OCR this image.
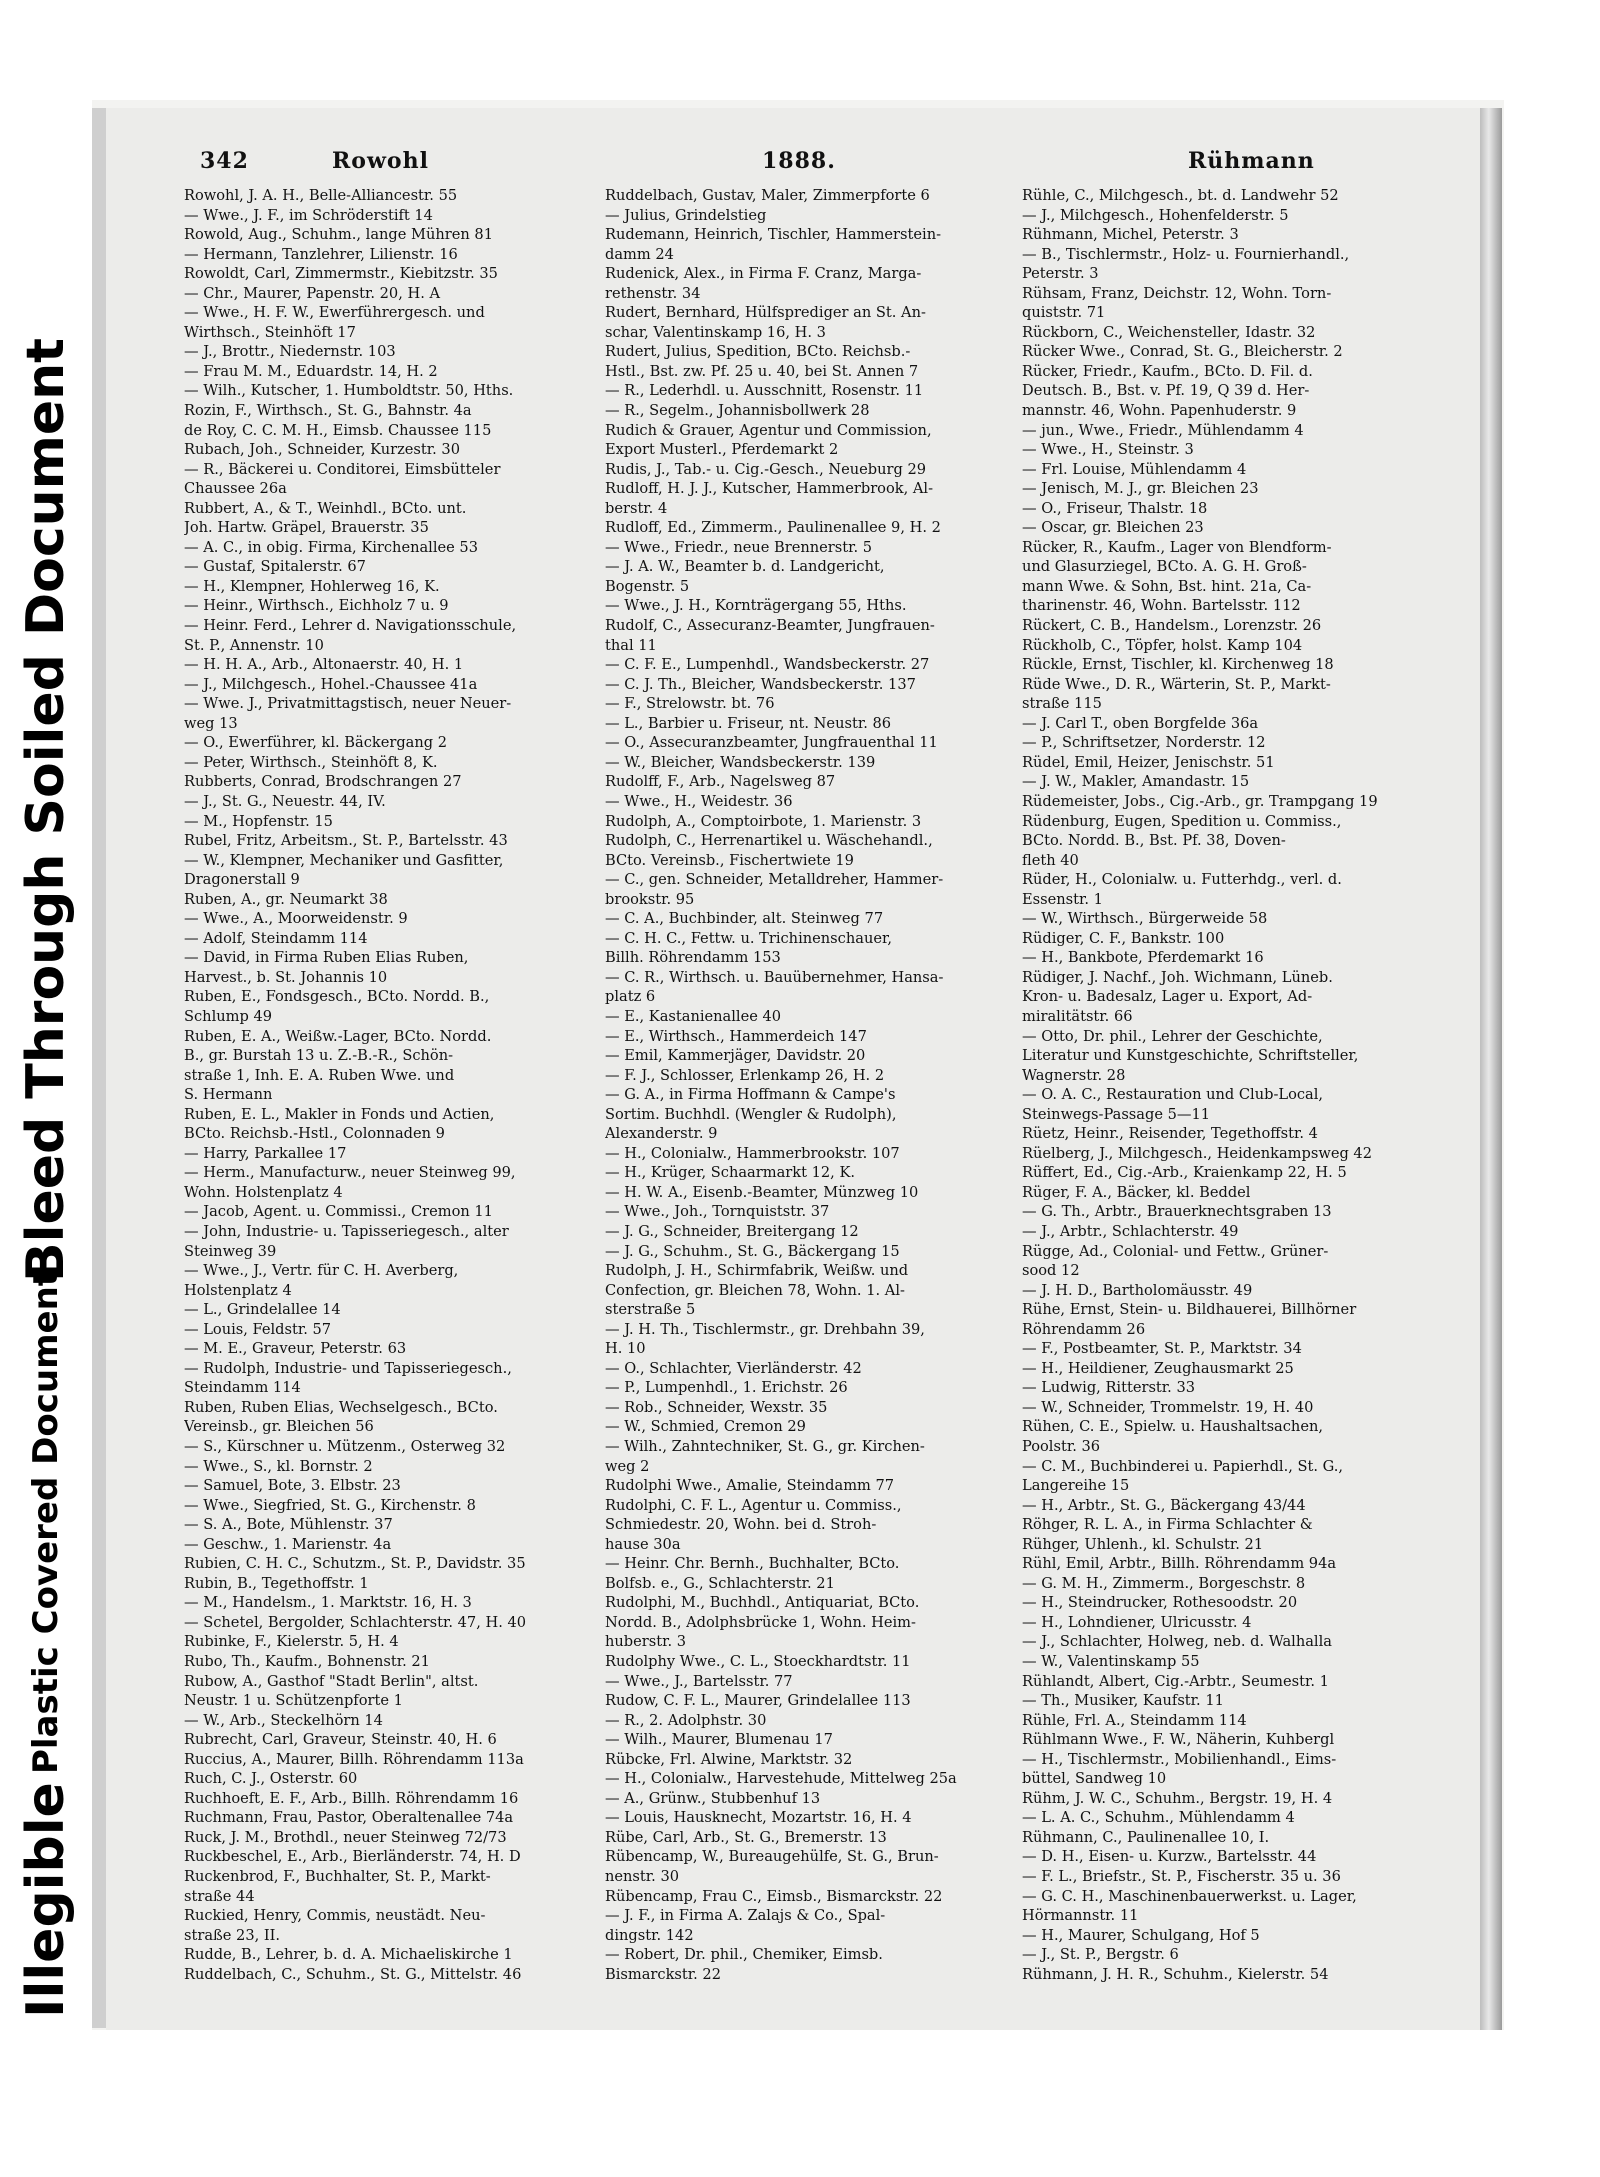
Illegible
Plastic Covered Document
Bleed Through Soiled Document
342	Rowohl	1888.	Rühmann
Rowohl, J. A. H., Belle-Alliancestr. 55
— Wwe., J. F., im Schröderstift 14
Rowold, Aug., Schuhm., lange Mühren 81
— Hermann, Tanzlehrer, Lilienstr. 16
Rowoldt, Carl, Zimmermstr., Kiebitzstr. 35
— Chr., Maurer, Papenstr. 20, H. A
— Wwe., H. F. W., Ewerführergesch. und
Wirthsch., Steinhöft 17
— J., Brottr., Niedernstr. 103
— Frau M. M., Eduardstr. 14, H. 2
— Wilh., Kutscher, 1. Humboldtstr. 50, Hths.
Rozin, F., Wirthsch., St. G., Bahnstr. 4a
de Roy, C. C. M. H., Eimsb. Chaussee 115
Rubach, Joh., Schneider, Kurzestr. 30
— R., Bäckerei u. Conditorei, Eimsbütteler
Chaussee 26a
Rubbert, A., & T., Weinhdl., BCto. unt.
Joh. Hartw. Gräpel, Brauerstr. 35
— A. C., in obig. Firma, Kirchenallee 53
— Gustaf, Spitalerstr. 67
— H., Klempner, Hohlerweg 16, K.
— Heinr., Wirthsch., Eichholz 7 u. 9
— Heinr. Ferd., Lehrer d. Navigationsschule,
St. P., Annenstr. 10
— H. H. A., Arb., Altonaerstr. 40, H. 1
— J., Milchgesch., Hohel.-Chaussee 41a
— Wwe. J., Privatmittagstisch, neuer Neuer-
weg 13
— O., Ewerführer, kl. Bäckergang 2
— Peter, Wirthsch., Steinhöft 8, K.
Rubberts, Conrad, Brodschrangen 27
— J., St. G., Neuestr. 44, IV.
— M., Hopfenstr. 15
Rubel, Fritz, Arbeitsm., St. P., Bartelsstr. 43
— W., Klempner, Mechaniker und Gasfitter,
Dragonerstall 9
Ruben, A., gr. Neumarkt 38
— Wwe., A., Moorweidenstr. 9
— Adolf, Steindamm 114
— David, in Firma Ruben Elias Ruben,
Harvest., b. St. Johannis 10
Ruben, E., Fondsgesch., BCto. Nordd. B.,
Schlump 49
Ruben, E. A., Weißw.-Lager, BCto. Nordd.
B., gr. Burstah 13 u. Z.-B.-R., Schön-
straße 1, Inh. E. A. Ruben Wwe. und
S. Hermann
Ruben, E. L., Makler in Fonds und Actien,
BCto. Reichsb.-Hstl., Colonnaden 9
— Harry, Parkallee 17
— Herm., Manufacturw., neuer Steinweg 99,
Wohn. Holstenplatz 4
— Jacob, Agent. u. Commissi., Cremon 11
— John, Industrie- u. Tapisseriegesch., alter
Steinweg 39
— Wwe., J., Vertr. für C. H. Averberg,
Holstenplatz 4
— L., Grindelallee 14
— Louis, Feldstr. 57
— M. E., Graveur, Peterstr. 63
— Rudolph, Industrie- und Tapisseriegesch.,
Steindamm 114
Ruben, Ruben Elias, Wechselgesch., BCto.
Vereinsb., gr. Bleichen 56
— S., Kürschner u. Mützenm., Osterweg 32
— Wwe., S., kl. Bornstr. 2
— Samuel, Bote, 3. Elbstr. 23
— Wwe., Siegfried, St. G., Kirchenstr. 8
— S. A., Bote, Mühlenstr. 37
— Geschw., 1. Marienstr. 4a
Rubien, C. H. C., Schutzm., St. P., Davidstr. 35
Rubin, B., Tegethoffstr. 1
— M., Handelsm., 1. Marktstr. 16, H. 3
— Schetel, Bergolder, Schlachterstr. 47, H. 40
Rubinke, F., Kielerstr. 5, H. 4
Rubo, Th., Kaufm., Bohnenstr. 21
Rubow, A., Gasthof "Stadt Berlin", altst.
Neustr. 1 u. Schützenpforte 1
— W., Arb., Steckelhörn 14
Rubrecht, Carl, Graveur, Steinstr. 40, H. 6
Ruccius, A., Maurer, Billh. Röhrendamm 113a
Ruch, C. J., Osterstr. 60
Ruchhoeft, E. F., Arb., Billh. Röhrendamm 16
Ruchmann, Frau, Pastor, Oberaltenallee 74a
Ruck, J. M., Brothdl., neuer Steinweg 72/73
Ruckbeschel, E., Arb., Bierländerstr. 74, H. D
Ruckenbrod, F., Buchhalter, St. P., Markt-
straße 44
Ruckied, Henry, Commis, neustädt. Neu-
straße 23, II.
Rudde, B., Lehrer, b. d. A. Michaeliskirche 1
Ruddelbach, C., Schuhm., St. G., Mittelstr. 46
Ruddelbach, Gustav, Maler, Zimmerpforte 6
— Julius, Grindelstieg
Rudemann, Heinrich, Tischler, Hammerstein-
damm 24
Rudenick, Alex., in Firma F. Cranz, Marga-
rethenstr. 34
Rudert, Bernhard, Hülfsprediger an St. An-
schar, Valentinskamp 16, H. 3
Rudert, Julius, Spedition, BCto. Reichsb.-
Hstl., Bst. zw. Pf. 25 u. 40, bei St. Annen 7
— R., Lederhdl. u. Ausschnitt, Rosenstr. 11
— R., Segelm., Johannisbollwerk 28
Rudich & Grauer, Agentur und Commission,
Export Musterl., Pferdemarkt 2
Rudis, J., Tab.- u. Cig.-Gesch., Neueburg 29
Rudloff, H. J. J., Kutscher, Hammerbrook, Al-
berstr. 4
Rudloff, Ed., Zimmerm., Paulinenallee 9, H. 2
— Wwe., Friedr., neue Brennerstr. 5
— J. A. W., Beamter b. d. Landgericht,
Bogenstr. 5
— Wwe., J. H., Kornträgergang 55, Hths.
Rudolf, C., Assecuranz-Beamter, Jungfrauen-
thal 11
— C. F. E., Lumpenhdl., Wandsbeckerstr. 27
— C. J. Th., Bleicher, Wandsbeckerstr. 137
— F., Strelowstr. bt. 76
— L., Barbier u. Friseur, nt. Neustr. 86
— O., Assecuranzbeamter, Jungfrauenthal 11
— W., Bleicher, Wandsbeckerstr. 139
Rudolff, F., Arb., Nagelsweg 87
— Wwe., H., Weidestr. 36
Rudolph, A., Comptoirbote, 1. Marienstr. 3
Rudolph, C., Herrenartikel u. Wäschehandl.,
BCto. Vereinsb., Fischertwiete 19
— C., gen. Schneider, Metalldreher, Hammer-
brookstr. 95
— C. A., Buchbinder, alt. Steinweg 77
— C. H. C., Fettw. u. Trichinenschauer,
Billh. Röhrendamm 153
— C. R., Wirthsch. u. Bauübernehmer, Hansa-
platz 6
— E., Kastanienallee 40
— E., Wirthsch., Hammerdeich 147
— Emil, Kammerjäger, Davidstr. 20
— F. J., Schlosser, Erlenkamp 26, H. 2
— G. A., in Firma Hoffmann & Campe's
Sortim. Buchhdl. (Wengler & Rudolph),
Alexanderstr. 9
— H., Colonialw., Hammerbrookstr. 107
— H., Krüger, Schaarmarkt 12, K.
— H. W. A., Eisenb.-Beamter, Münzweg 10
— Wwe., Joh., Tornquiststr. 37
— J. G., Schneider, Breitergang 12
— J. G., Schuhm., St. G., Bäckergang 15
Rudolph, J. H., Schirmfabrik, Weißw. und
Confection, gr. Bleichen 78, Wohn. 1. Al-
sterstraße 5
— J. H. Th., Tischlermstr., gr. Drehbahn 39,
H. 10
— O., Schlachter, Vierländerstr. 42
— P., Lumpenhdl., 1. Erichstr. 26
— Rob., Schneider, Wexstr. 35
— W., Schmied, Cremon 29
— Wilh., Zahntechniker, St. G., gr. Kirchen-
weg 2
Rudolphi Wwe., Amalie, Steindamm 77
Rudolphi, C. F. L., Agentur u. Commiss.,
Schmiedestr. 20, Wohn. bei d. Stroh-
hause 30a
— Heinr. Chr. Bernh., Buchhalter, BCto.
Bolfsb. e., G., Schlachterstr. 21
Rudolphi, M., Buchhdl., Antiquariat, BCto.
Nordd. B., Adolphsbrücke 1, Wohn. Heim-
huberstr. 3
Rudolphy Wwe., C. L., Stoeckhardtstr. 11
— Wwe., J., Bartelsstr. 77
Rudow, C. F. L., Maurer, Grindelallee 113
— R., 2. Adolphstr. 30
— Wilh., Maurer, Blumenau 17
Rübcke, Frl. Alwine, Marktstr. 32
— H., Colonialw., Harvestehude, Mittelweg 25a
— A., Grünw., Stubbenhuf 13
— Louis, Hausknecht, Mozartstr. 16, H. 4
Rübe, Carl, Arb., St. G., Bremerstr. 13
Rübencamp, W., Bureaugehülfe, St. G., Brun-
nenstr. 30
Rübencamp, Frau C., Eimsb., Bismarckstr. 22
— J. F., in Firma A. Zalajs & Co., Spal-
dingstr. 142
— Robert, Dr. phil., Chemiker, Eimsb.
Bismarckstr. 22
Rühle, C., Milchgesch., bt. d. Landwehr 52
— J., Milchgesch., Hohenfelderstr. 5
Rühmann, Michel, Peterstr. 3
— B., Tischlermstr., Holz- u. Fournierhandl.,
Peterstr. 3
Rühsam, Franz, Deichstr. 12, Wohn. Torn-
quiststr. 71
Rückborn, C., Weichensteller, Idastr. 32
Rücker Wwe., Conrad, St. G., Bleicherstr. 2
Rücker, Friedr., Kaufm., BCto. D. Fil. d.
Deutsch. B., Bst. v. Pf. 19, Q 39 d. Her-
mannstr. 46, Wohn. Papenhuderstr. 9
— jun., Wwe., Friedr., Mühlendamm 4
— Wwe., H., Steinstr. 3
— Frl. Louise, Mühlendamm 4
— Jenisch, M. J., gr. Bleichen 23
— O., Friseur, Thalstr. 18
— Oscar, gr. Bleichen 23
Rücker, R., Kaufm., Lager von Blendform-
und Glasurziegel, BCto. A. G. H. Groß-
mann Wwe. & Sohn, Bst. hint. 21a, Ca-
tharinenstr. 46, Wohn. Bartelsstr. 112
Rückert, C. B., Handelsm., Lorenzstr. 26
Rückholb, C., Töpfer, holst. Kamp 104
Rückle, Ernst, Tischler, kl. Kirchenweg 18
Rüde Wwe., D. R., Wärterin, St. P., Markt-
straße 115
— J. Carl T., oben Borgfelde 36a
— P., Schriftsetzer, Norderstr. 12
Rüdel, Emil, Heizer, Jenischstr. 51
— J. W., Makler, Amandastr. 15
Rüdemeister, Jobs., Cig.-Arb., gr. Trampgang 19
Rüdenburg, Eugen, Spedition u. Commiss.,
BCto. Nordd. B., Bst. Pf. 38, Doven-
fleth 40
Rüder, H., Colonialw. u. Futterhdg., verl. d.
Essenstr. 1
— W., Wirthsch., Bürgerweide 58
Rüdiger, C. F., Bankstr. 100
— H., Bankbote, Pferdemarkt 16
Rüdiger, J. Nachf., Joh. Wichmann, Lüneb.
Kron- u. Badesalz, Lager u. Export, Ad-
miralitätstr. 66
— Otto, Dr. phil., Lehrer der Geschichte,
Literatur und Kunstgeschichte, Schriftsteller,
Wagnerstr. 28
— O. A. C., Restauration und Club-Local,
Steinwegs-Passage 5—11
Rüetz, Heinr., Reisender, Tegethoffstr. 4
Rüelberg, J., Milchgesch., Heidenkampsweg 42
Rüffert, Ed., Cig.-Arb., Kraienkamp 22, H. 5
Rüger, F. A., Bäcker, kl. Beddel
— G. Th., Arbtr., Brauerknechtsgraben 13
— J., Arbtr., Schlachterstr. 49
Rügge, Ad., Colonial- und Fettw., Grüner-
sood 12
— J. H. D., Bartholomäusstr. 49
Rühe, Ernst, Stein- u. Bildhauerei, Billhörner
Röhrendamm 26
— F., Postbeamter, St. P., Marktstr. 34
— H., Heildiener, Zeughausmarkt 25
— Ludwig, Ritterstr. 33
— W., Schneider, Trommelstr. 19, H. 40
Rühen, C. E., Spielw. u. Haushaltsachen,
Poolstr. 36
— C. M., Buchbinderei u. Papierhdl., St. G.,
Langereihe 15
— H., Arbtr., St. G., Bäckergang 43/44
Röhger, R. L. A., in Firma Schlachter &
Rühger, Uhlenh., kl. Schulstr. 21
Rühl, Emil, Arbtr., Billh. Röhrendamm 94a
— G. M. H., Zimmerm., Borgeschstr. 8
— H., Steindrucker, Rothesoodstr. 20
— H., Lohndiener, Ulricusstr. 4
— J., Schlachter, Holweg, neb. d. Walhalla
— W., Valentinskamp 55
Rühlandt, Albert, Cig.-Arbtr., Seumestr. 1
— Th., Musiker, Kaufstr. 11
Rühle, Frl. A., Steindamm 114
Rühlmann Wwe., F. W., Näherin, Kuhbergl
— H., Tischlermstr., Mobilienhandl., Eims-
büttel, Sandweg 10
Rühm, J. W. C., Schuhm., Bergstr. 19, H. 4
— L. A. C., Schuhm., Mühlendamm 4
Rühmann, C., Paulinenallee 10, I.
— D. H., Eisen- u. Kurzw., Bartelsstr. 44
— F. L., Briefstr., St. P., Fischerstr. 35 u. 36
— G. C. H., Maschinenbauerwerkst. u. Lager,
Hörmannstr. 11
— H., Maurer, Schulgang, Hof 5
— J., St. P., Bergstr. 6
Rühmann, J. H. R., Schuhm., Kielerstr. 54
